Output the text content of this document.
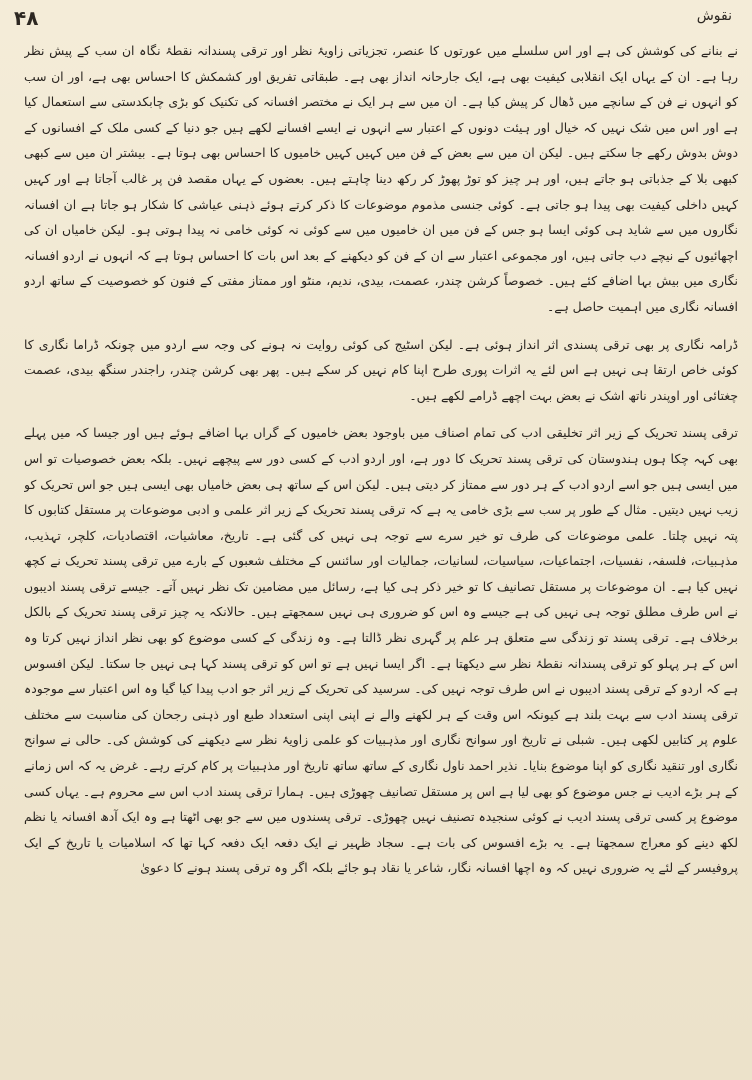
۴۸	نقوش

نے بنانے کی کوشش کی ہے اور اس سلسلے میں عورتوں کا عنصر، تجزیاتی زاویۂ نظر اور ترقی پسندانہ نقطۂ نگاہ ان سب کے پیش نظر رہا ہے۔ ان کے یہاں ایک انقلابی کیفیت بھی ہے، ایک جارحانہ انداز بھی ہے۔ طبقاتی تفریق اور کشمکش کا احساس بھی ہے، اور ان سب کو انہوں نے فن کے سانچے میں ڈھال کر پیش کیا ہے۔ ان میں سے ہر ایک نے مختصر افسانہ کی تکنیک کو بڑی چابکدستی سے استعمال کیا ہے اور اس میں شک نہیں کہ خیال اور ہیئت دونوں کے اعتبار سے انہوں نے ایسے افسانے لکھے ہیں جو دنیا کے کسی ملک کے افسانوں کے دوش بدوش رکھے جا سکتے ہیں۔ لیکن ان میں سے بعض کے فن میں کہیں کہیں خامیوں کا احساس بھی ہوتا ہے۔ بیشتر ان میں سے کبھی کبھی بلا کے جذباتی ہو جاتے ہیں، اور ہر چیز کو توڑ پھوڑ کر رکھ دینا چاہتے ہیں۔ بعضوں کے یہاں مقصد فن پر غالب آجاتا ہے اور کہیں کہیں داخلی کیفیت بھی پیدا ہو جاتی ہے۔ کوئی جنسی مذموم موضوعات کا ذکر کرتے ہوئے ذہنی عیاشی کا شکار ہو جاتا ہے ان افسانہ نگاروں میں سے شاید ہی کوئی ایسا ہو جس کے فن میں ان خامیوں میں سے کوئی نہ کوئی خامی نہ پیدا ہوتی ہو۔ لیکن خامیاں ان کی اچھائیوں کے نیچے دب جاتی ہیں، اور مجموعی اعتبار سے ان کے فن کو دیکھنے کے بعد اس بات کا احساس ہوتا ہے کہ انہوں نے اردو افسانہ نگاری میں بیش بہا اضافے کئے ہیں۔ خصوصاً کرشن چندر، عصمت، بیدی، ندیم، منٹو اور ممتاز مفتی کے فنون کو خصوصیت کے ساتھ اردو افسانہ نگاری میں اہمیت حاصل ہے۔

ڈرامہ نگاری پر بھی ترقی پسندی اثر انداز ہوئی ہے۔ لیکن اسٹیج کی کوئی روایت نہ ہونے کی وجہ سے اردو میں چونکہ ڈراما نگاری کا کوئی خاص ارتقا ہی نہیں ہے اس لئے یہ اثرات پوری طرح اپنا کام نہیں کر سکے ہیں۔ پھر بھی کرشن چندر، راجندر سنگھ بیدی، عصمت چغتائی اور اوپندر ناتھ اشک نے بعض بہت اچھے ڈرامے لکھے ہیں۔

ترقی پسند تحریک کے زیر اثر تخلیقی ادب کی تمام اصناف میں باوجود بعض خامیوں کے گراں بہا اضافے ہوئے ہیں اور جیسا کہ میں پہلے بھی کہہ چکا ہوں ہندوستان کی ترقی پسند تحریک کا دور ہے، اور اردو ادب کے کسی دور سے پیچھے نہیں۔ بلکہ بعض خصوصیات تو اس میں ایسی ہیں جو اسے اردو ادب کے ہر دور سے ممتاز کر دیتی ہیں۔ لیکن اس کے ساتھ ہی بعض خامیاں بھی ایسی ہیں جو اس تحریک کو زیب نہیں دیتیں۔ مثال کے طور پر سب سے بڑی خامی یہ ہے کہ ترقی پسند تحریک کے زیر اثر علمی و ادبی موضوعات پر مستقل کتابوں کا پتہ نہیں چلتا۔ علمی موضوعات کی طرف تو خیر سرے سے توجہ ہی نہیں کی گئی ہے۔ تاریخ، معاشیات، اقتصادیات، کلچر، تہذیب، مذہبیات، فلسفہ، نفسیات، اجتماعیات، سیاسیات، لسانیات، جمالیات اور سائنس کے مختلف شعبوں کے بارے میں ترقی پسند تحریک نے کچھ نہیں کیا ہے۔ ان موضوعات پر مستقل تصانیف کا تو خیر ذکر ہی کیا ہے، رسائل میں مضامین تک نظر نہیں آتے۔ جیسے ترقی پسند ادیبوں نے اس طرف مطلق توجہ ہی نہیں کی ہے جیسے وہ اس کو ضروری ہی نہیں سمجھتے ہیں۔ حالانکہ یہ چیز ترقی پسند تحریک کے بالکل برخلاف ہے۔ ترقی پسند تو زندگی سے متعلق ہر علم پر گہری نظر ڈالتا ہے۔ وہ زندگی کے کسی موضوع کو بھی نظر انداز نہیں کرتا وہ اس کے ہر پہلو کو ترقی پسندانہ نقطۂ نظر سے دیکھتا ہے۔ اگر ایسا نہیں ہے تو اس کو ترقی پسند کہا ہی نہیں جا سکتا۔ لیکن افسوس ہے کہ اردو کے ترقی پسند ادیبوں نے اس طرف توجہ نہیں کی۔ سرسید کی تحریک کے زیر اثر جو ادب پیدا کیا گیا وہ اس اعتبار سے موجودہ ترقی پسند ادب سے بہت بلند ہے کیونکہ اس وقت کے ہر لکھنے والے نے اپنی اپنی استعداد طبع اور ذہنی رجحان کی مناسبت سے مختلف علوم پر کتابیں لکھی ہیں۔ شبلی نے تاریخ اور سوانح نگاری اور مذہبیات کو علمی زاویۂ نظر سے دیکھنے کی کوشش کی۔ حالی نے سوانح نگاری اور تنقید نگاری کو اپنا موضوع بنایا۔ نذیر احمد ناول نگاری کے ساتھ ساتھ تاریخ اور مذہبیات پر کام کرتے رہے۔ غرض یہ کہ اس زمانے کے ہر بڑے ادیب نے جس موضوع کو بھی لیا ہے اس پر مستقل تصانیف چھوڑی ہیں۔ ہمارا ترقی پسند ادب اس سے محروم ہے۔ یہاں کسی موضوع پر کسی ترقی پسند ادیب نے کوئی سنجیدہ تصنیف نہیں چھوڑی۔ ترقی پسندوں میں سے جو بھی اٹھتا ہے وہ ایک آدھ افسانہ یا نظم لکھ دینے کو معراج سمجھتا ہے۔ یہ بڑے افسوس کی بات ہے۔ سجاد ظہیر نے ایک دفعہ ایک دفعہ کہا تھا کہ اسلامیات یا تاریخ کے ایک پروفیسر کے لئے یہ ضروری نہیں کہ وہ اچھا افسانہ نگار، شاعر یا نقاد ہو جائے بلکہ اگر وہ ترقی پسند ہونے کا دعویٰ
